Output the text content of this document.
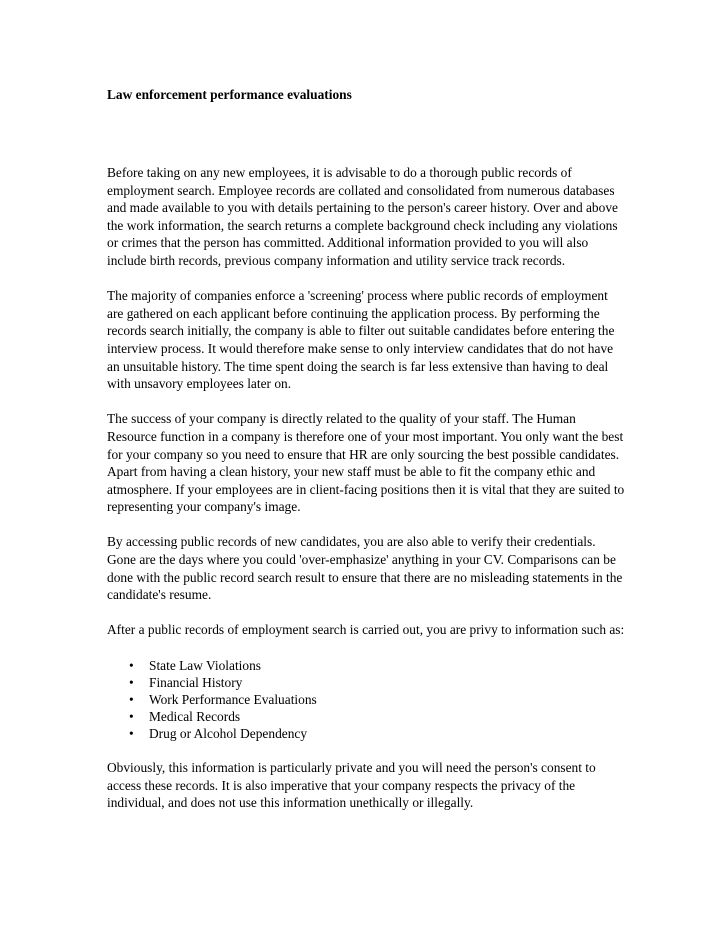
Law enforcement performance evaluations

Before taking on any new employees, it is advisable to do a thorough public records of employment search. Employee records are collated and consolidated from numerous databases and made available to you with details pertaining to the person's career history. Over and above the work information, the search returns a complete background check including any violations or crimes that the person has committed. Additional information provided to you will also include birth records, previous company information and utility service track records.

The majority of companies enforce a 'screening' process where public records of employment are gathered on each applicant before continuing the application process. By performing the records search initially, the company is able to filter out suitable candidates before entering the interview process. It would therefore make sense to only interview candidates that do not have an unsuitable history. The time spent doing the search is far less extensive than having to deal with unsavory employees later on.

The success of your company is directly related to the quality of your staff. The Human Resource function in a company is therefore one of your most important. You only want the best for your company so you need to ensure that HR are only sourcing the best possible candidates. Apart from having a clean history, your new staff must be able to fit the company ethic and atmosphere. If your employees are in client-facing positions then it is vital that they are suited to representing your company's image.

By accessing public records of new candidates, you are also able to verify their credentials. Gone are the days where you could 'over-emphasize' anything in your CV. Comparisons can be done with the public record search result to ensure that there are no misleading statements in the candidate's resume.

After a public records of employment search is carried out, you are privy to information such as:

• State Law Violations
• Financial History
• Work Performance Evaluations
• Medical Records
• Drug or Alcohol Dependency

Obviously, this information is particularly private and you will need the person's consent to access these records. It is also imperative that your company respects the privacy of the individual, and does not use this information unethically or illegally.
